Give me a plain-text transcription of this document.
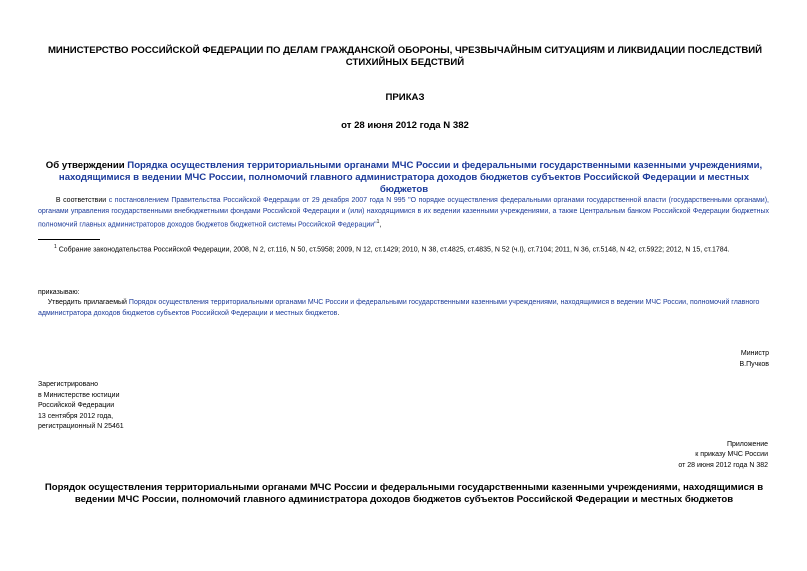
МИНИСТЕРСТВО РОССИЙСКОЙ ФЕДЕРАЦИИ ПО ДЕЛАМ ГРАЖДАНСКОЙ ОБОРОНЫ, ЧРЕЗВЫЧАЙНЫМ СИТУАЦИЯМ И ЛИКВИДАЦИИ ПОСЛЕДСТВИЙ СТИХИЙНЫХ БЕДСТВИЙ
ПРИКАЗ
от 28 июня 2012 года N 382
Об утверждении Порядка осуществления территориальными органами МЧС России и федеральными государственными казенными учреждениями, находящимися в ведении МЧС России, полномочий главного администратора доходов бюджетов субъектов Российской Федерации и местных бюджетов
В соответствии с постановлением Правительства Российской Федерации от 29 декабря 2007 года N 995 "О порядке осуществления федеральными органами государственной власти (государственными органами), органами управления государственными внебюджетными фондами Российской Федерации и (или) находящимися в их ведении казенными учреждениями, а также Центральным банком Российской Федерации бюджетных полномочий главных администраторов доходов бюджетов бюджетной системы Российской Федерации"$^1$,
$^1$ Собрание законодательства Российской Федерации, 2008, N 2, ст.116, N 50, ст.5958; 2009, N 12, ст.1429; 2010, N 38, ст.4825, ст.4835, N 52 (ч.I), ст.7104; 2011, N 36, ст.5148, N 42, ст.5922; 2012, N 15, ст.1784.
приказываю:
Утвердить прилагаемый Порядок осуществления территориальными органами МЧС России и федеральными государственными казенными учреждениями, находящимися в ведении МЧС России, полномочий главного администратора доходов бюджетов субъектов Российской Федерации и местных бюджетов.
Министр
В.Пучков
Зарегистрировано
в Министерстве юстиции
Российской Федерации
13 сентября 2012 года,
регистрационный N 25461
Приложение
к приказу МЧС России
от 28 июня 2012 года N 382
Порядок осуществления территориальными органами МЧС России и федеральными государственными казенными учреждениями, находящимися в ведении МЧС России, полномочий главного администратора доходов бюджетов субъектов Российской Федерации и местных бюджетов
